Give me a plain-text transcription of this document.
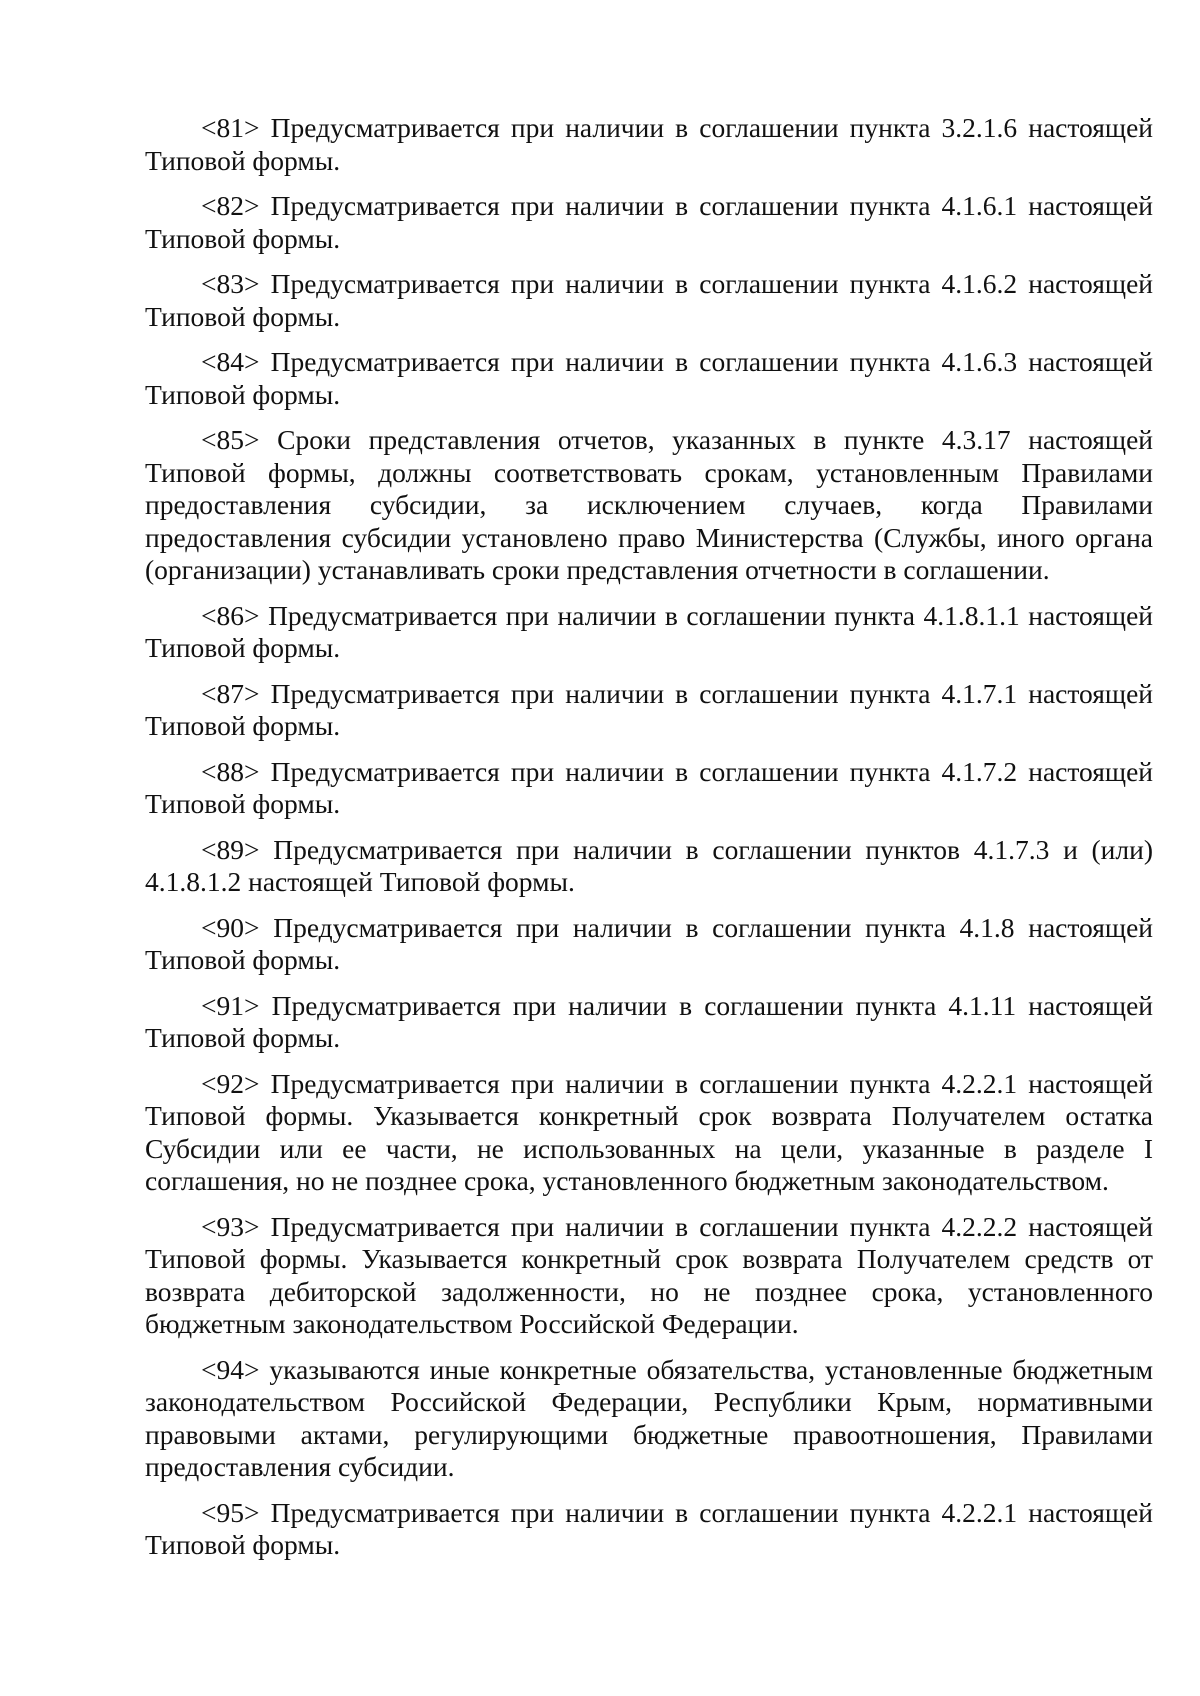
<81> Предусматривается при наличии в соглашении пункта 3.2.1.6 настоящей Типовой формы.

<82> Предусматривается при наличии в соглашении пункта 4.1.6.1 настоящей Типовой формы.

<83> Предусматривается при наличии в соглашении пункта 4.1.6.2 настоящей Типовой формы.

<84> Предусматривается при наличии в соглашении пункта 4.1.6.3 настоящей Типовой формы.

<85> Сроки представления отчетов, указанных в пункте 4.3.17 настоящей Типовой формы, должны соответствовать срокам, установленным Правилами предоставления субсидии, за исключением случаев, когда Правилами предоставления субсидии установлено право Министерства (Службы, иного органа (организации) устанавливать сроки представления отчетности в соглашении.

<86> Предусматривается при наличии в соглашении пункта 4.1.8.1.1 настоящей Типовой формы.

<87> Предусматривается при наличии в соглашении пункта 4.1.7.1 настоящей Типовой формы.

<88> Предусматривается при наличии в соглашении пункта 4.1.7.2 настоящей Типовой формы.

<89> Предусматривается при наличии в соглашении пунктов 4.1.7.3 и (или) 4.1.8.1.2 настоящей Типовой формы.

<90> Предусматривается при наличии в соглашении пункта 4.1.8 настоящей Типовой формы.

<91> Предусматривается при наличии в соглашении пункта 4.1.11 настоящей Типовой формы.

<92> Предусматривается при наличии в соглашении пункта 4.2.2.1 настоящей Типовой формы. Указывается конкретный срок возврата Получателем остатка Субсидии или ее части, не использованных на цели, указанные в разделе I соглашения, но не позднее срока, установленного бюджетным законодательством.

<93> Предусматривается при наличии в соглашении пункта 4.2.2.2 настоящей Типовой формы. Указывается конкретный срок возврата Получателем средств от возврата дебиторской задолженности, но не позднее срока, установленного бюджетным законодательством Российской Федерации.

<94> указываются иные конкретные обязательства, установленные бюджетным законодательством Российской Федерации, Республики Крым, нормативными правовыми актами, регулирующими бюджетные правоотношения, Правилами предоставления субсидии.

<95> Предусматривается при наличии в соглашении пункта 4.2.2.1 настоящей Типовой формы.
